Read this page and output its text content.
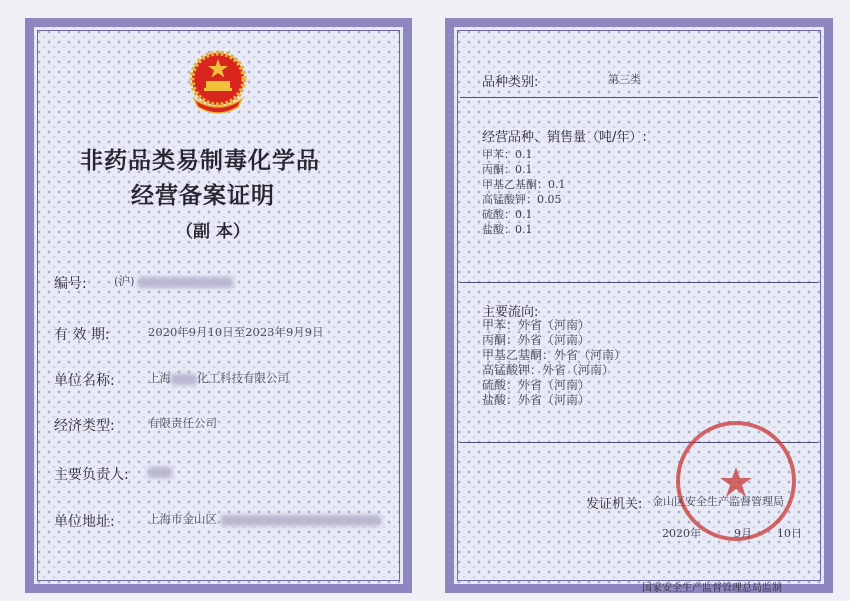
非药品类易制毒化学品
经营备案证明
（副 本）
编号: (沪)
有 效 期:	2020年9月10日至2023年9月9日
单位名称:	上海 化工科技有限公司
经济类型:	有限责任公司
主要负责人:
单位地址:	上海市金山区
品种类别:	第三类
经营品种、销售量（吨/年）:
甲苯：0.1
丙酮：0.1
甲基乙基酮：0.1
高锰酸钾：0.05
硫酸：0.1
盐酸：0.1
主要流向:
甲苯：外省（河南）
丙酮：外省（河南）
甲基乙基酮：外省（河南）
高锰酸钾：外省（河南）
硫酸：外省（河南）
盐酸：外省（河南）
发证机关: 金山区安全生产监督管理局
2020年	9月 10日
国家安全生产监督管理总局监制
